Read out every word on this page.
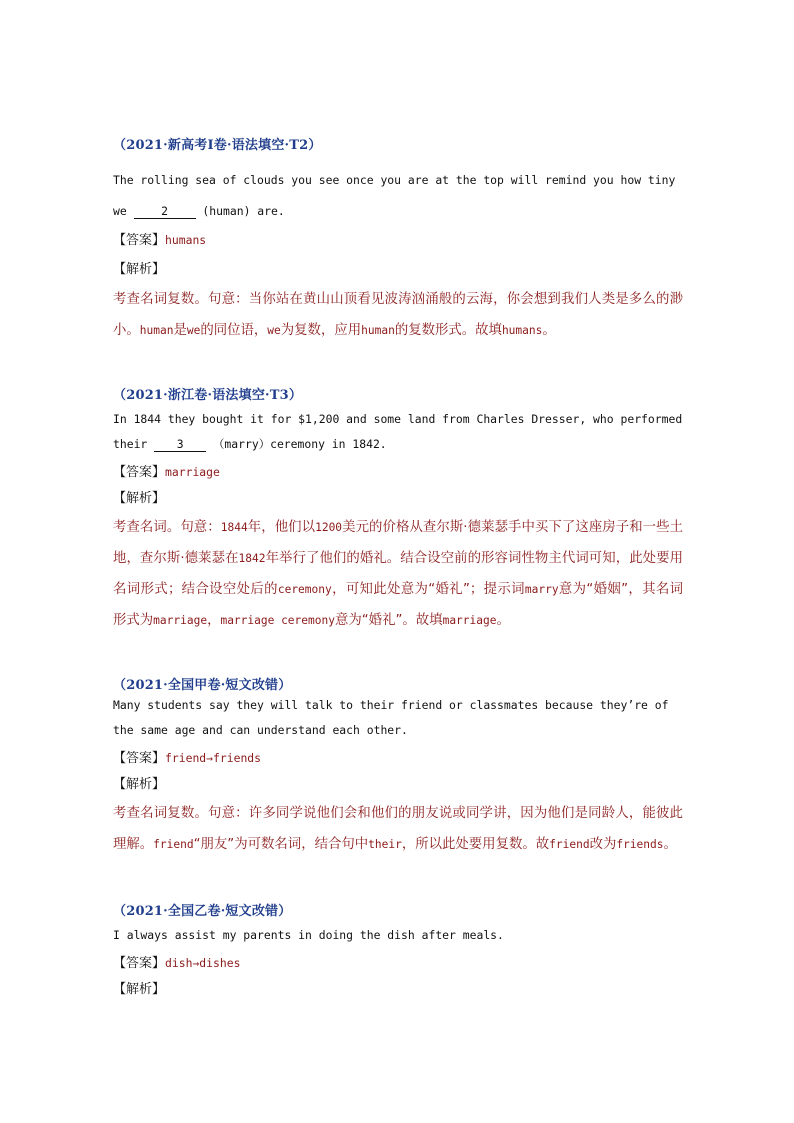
（2021·新高考I卷·语法填空·T2）
The rolling sea of clouds you see once you are at the top will remind you how tiny
we 2 (human) are.
【答案】humans
【解析】
考查名词复数。句意：当你站在黄山山顶看见波涛汹涌般的云海，你会想到我们人类是多么的渺小。human是we的同位语，we为复数，应用human的复数形式。故填humans。
（2021·浙江卷·语法填空·T3）
In 1844 they bought it for $1,200 and some land from Charles Dresser, who performed
their 3 （marry）ceremony in 1842.
【答案】marriage
【解析】
考查名词。句意：1844年，他们以1200美元的价格从查尔斯·德莱瑟手中买下了这座房子和一些土地，查尔斯·德莱瑟在1842年举行了他们的婚礼。结合设空前的形容词性物主代词可知，此处要用名词形式；结合设空处后的ceremony，可知此处意为“婚礼”；提示词marry意为“婚姻”，其名词形式为marriage，marriage ceremony意为“婚礼”。故填marriage。
（2021·全国甲卷·短文改错）
Many students say they will talk to their friend or classmates because they’re of
the same age and can understand each other.
【答案】friend→friends
【解析】
考查名词复数。句意：许多同学说他们会和他们的朋友说或同学讲，因为他们是同龄人，能彼此理解。friend“朋友”为可数名词，结合句中their，所以此处要用复数。故friend改为friends。
（2021·全国乙卷·短文改错）
I always assist my parents in doing the dish after meals.
【答案】dish→dishes
【解析】
